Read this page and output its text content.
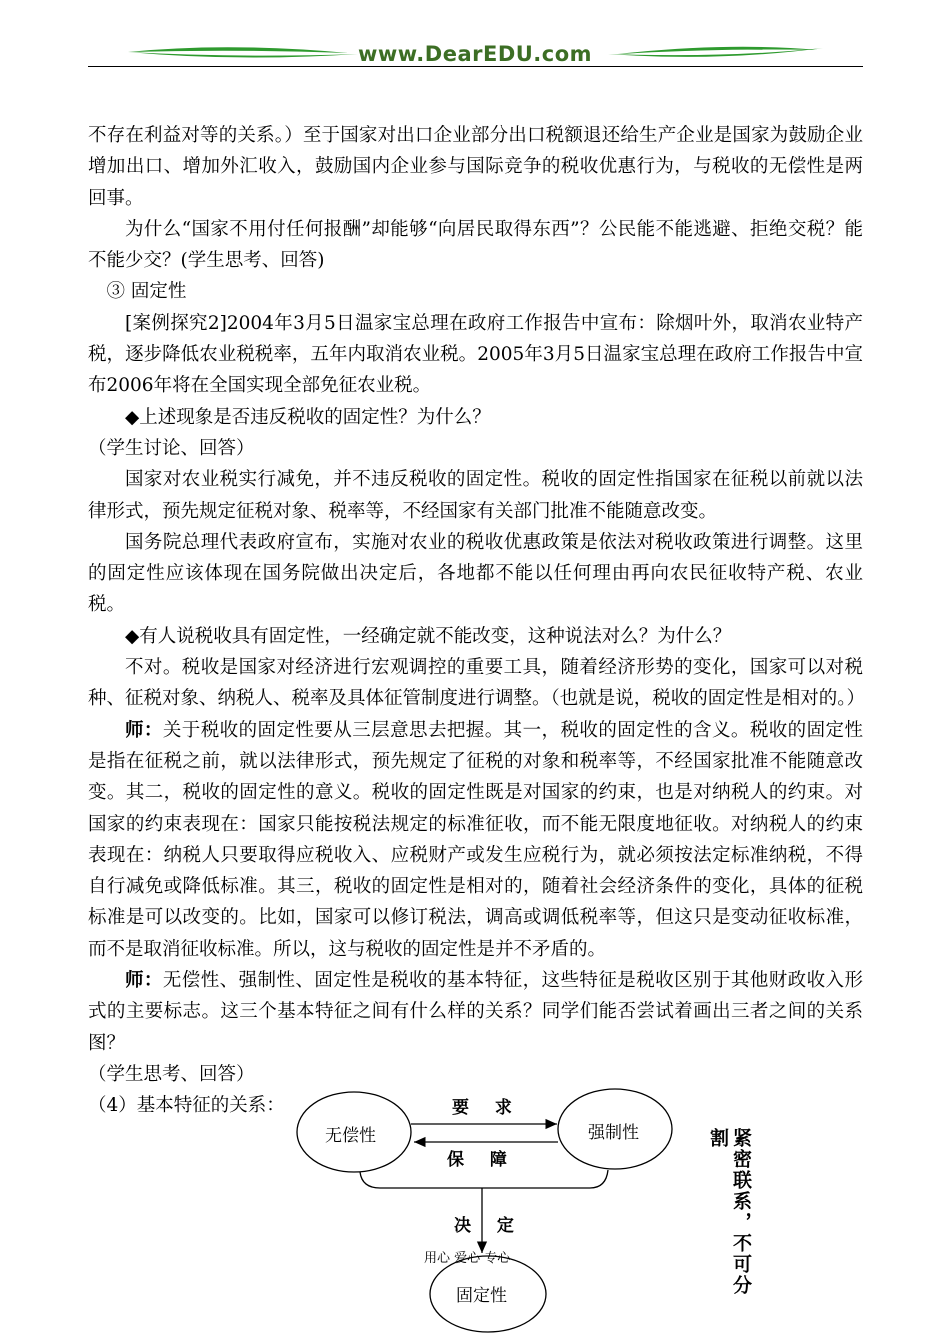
www.DearEDU.com

不存在利益对等的关系。）至于国家对出口企业部分出口税额退还给生产企业是国家为鼓励企业增加出口、增加外汇收入，鼓励国内企业参与国际竞争的税收优惠行为，与税收的无偿性是两回事。

为什么“国家不用付任何报酬”却能够“向居民取得东西”？公民能不能逃避、拒绝交税？能不能少交？(学生思考、回答)

③ 固定性

[案例探究2]2004年3月5日温家宝总理在政府工作报告中宣布：除烟叶外，取消农业特产税，逐步降低农业税税率，五年内取消农业税。2005年3月5日温家宝总理在政府工作报告中宣布2006年将在全国实现全部免征农业税。

◆上述现象是否违反税收的固定性？为什么？

（学生讨论、回答）

国家对农业税实行减免，并不违反税收的固定性。税收的固定性指国家在征税以前就以法律形式，预先规定征税对象、税率等，不经国家有关部门批准不能随意改变。

国务院总理代表政府宣布，实施对农业的税收优惠政策是依法对税收政策进行调整。这里的固定性应该体现在国务院做出决定后，各地都不能以任何理由再向农民征收特产税、农业税。

◆有人说税收具有固定性，一经确定就不能改变，这种说法对么？为什么？

不对。税收是国家对经济进行宏观调控的重要工具，随着经济形势的变化，国家可以对税种、征税对象、纳税人、税率及具体征管制度进行调整。（也就是说，税收的固定性是相对的。）

师：关于税收的固定性要从三层意思去把握。其一，税收的固定性的含义。税收的固定性是指在征税之前，就以法律形式，预先规定了征税的对象和税率等，不经国家批准不能随意改变。其二，税收的固定性的意义。税收的固定性既是对国家的约束，也是对纳税人的约束。对国家的约束表现在：国家只能按税法规定的标准征收，而不能无限度地征收。对纳税人的约束表现在：纳税人只要取得应税收入、应税财产或发生应税行为，就必须按法定标准纳税，不得自行减免或降低标准。其三，税收的固定性是相对的，随着社会经济条件的变化，具体的征税标准是可以改变的。比如，国家可以修订税法，调高或调低税率等，但这只是变动征收标准，而不是取消征收标准。所以，这与税收的固定性是并不矛盾的。

师：无偿性、强制性、固定性是税收的基本特征，这些特征是税收区别于其他财政收入形式的主要标志。这三个基本特征之间有什么样的关系？同学们能否尝试着画出三者之间的关系图？

（学生思考、回答）

（4）基本特征的关系：

无偿性	强制性
固定性
要 求
保 障
决 定
用心 爱心 专心	紧密联系，不可分
割
